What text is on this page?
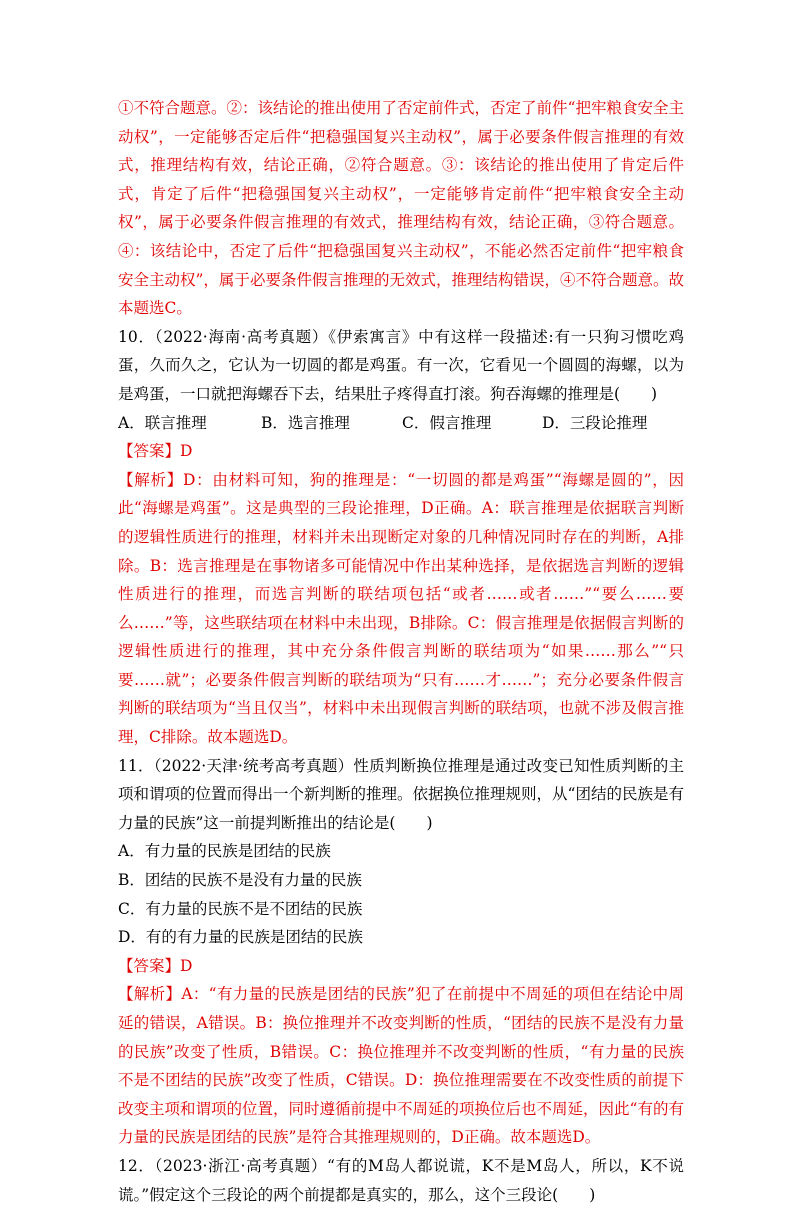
①不符合题意。②：该结论的推出使用了否定前件式，否定了前件“把牢粮食安全主动权”，一定能够否定后件“把稳强国复兴主动权”，属于必要条件假言推理的有效式，推理结构有效，结论正确，②符合题意。③：该结论的推出使用了肯定后件式，肯定了后件“把稳强国复兴主动权”，一定能够肯定前件“把牢粮食安全主动权”，属于必要条件假言推理的有效式，推理结构有效，结论正确，③符合题意。④：该结论中，否定了后件“把稳强国复兴主动权”，不能必然否定前件“把牢粮食安全主动权”，属于必要条件假言推理的无效式，推理结构错误，④不符合题意。故本题选C。

10．（2022·海南·高考真题）《伊索寓言》中有这样一段描述:有一只狗习惯吃鸡蛋，久而久之，它认为一切圆的都是鸡蛋。有一次，它看见一个圆圆的海螺，以为是鸡蛋，一口就把海螺吞下去，结果肚子疼得直打滚。狗吞海螺的推理是(　　)

A．联言推理	B．选言推理	C．假言推理	D．三段论推理

【答案】D

【解析】D：由材料可知，狗的推理是：“一切圆的都是鸡蛋”“海螺是圆的”，因此“海螺是鸡蛋”。这是典型的三段论推理，D正确。A：联言推理是依据联言判断的逻辑性质进行的推理，材料并未出现断定对象的几种情况同时存在的判断，A排除。B：选言推理是在事物诸多可能情况中作出某种选择，是依据选言判断的逻辑性质进行的推理，而选言判断的联结项包括“或者……或者……”“要么……要么……”等，这些联结项在材料中未出现，B排除。C：假言推理是依据假言判断的逻辑性质进行的推理，其中充分条件假言判断的联结项为“如果……那么”“只要……就”；必要条件假言判断的联结项为“只有……才……”；充分必要条件假言判断的联结项为“当且仅当”，材料中未出现假言判断的联结项，也就不涉及假言推理，C排除。故本题选D。

11．（2022·天津·统考高考真题）性质判断换位推理是通过改变已知性质判断的主项和谓项的位置而得出一个新判断的推理。依据换位推理规则，从“团结的民族是有力量的民族”这一前提判断推出的结论是(　　)

A．有力量的民族是团结的民族
B．团结的民族不是没有力量的民族
C．有力量的民族不是不团结的民族
D．有的有力量的民族是团结的民族

【答案】D

【解析】A：“有力量的民族是团结的民族”犯了在前提中不周延的项但在结论中周延的错误，A错误。B：换位推理并不改变判断的性质，“团结的民族不是没有力量的民族”改变了性质，B错误。C：换位推理并不改变判断的性质，“有力量的民族不是不团结的民族”改变了性质，C错误。D：换位推理需要在不改变性质的前提下改变主项和谓项的位置，同时遵循前提中不周延的项换位后也不周延，因此“有的有力量的民族是团结的民族”是符合其推理规则的，D正确。故本题选D。

12．（2023·浙江·高考真题）“有的M岛人都说谎，K不是M岛人，所以，K不说谎。”假定这个三段论的两个前提都是真实的，那么，这个三段论(　　)
